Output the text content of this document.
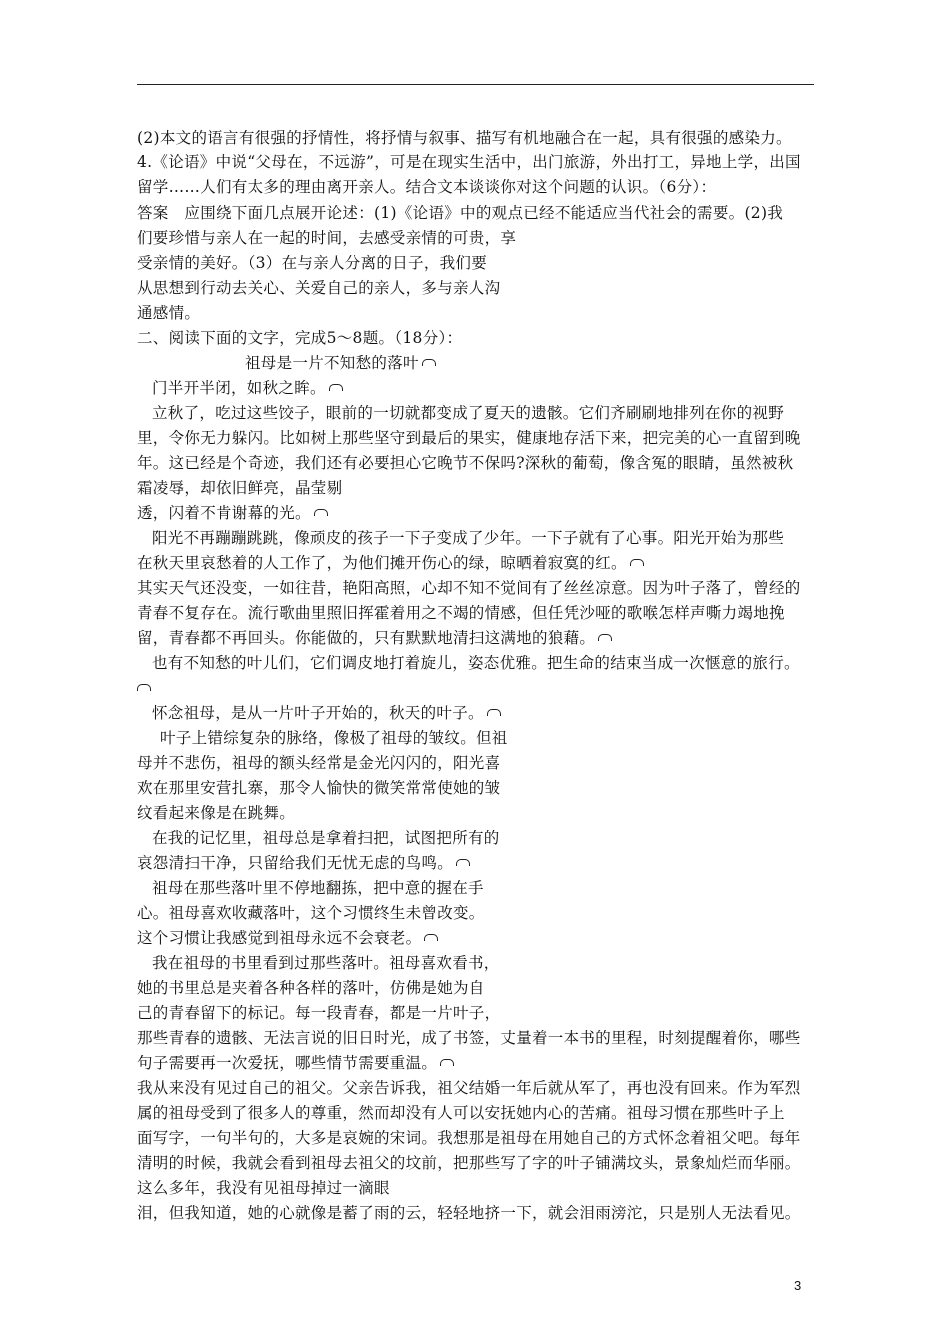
(2)本文的语言有很强的抒情性，将抒情与叙事、描写有机地融合在一起，具有很强的感染力。
4.《论语》中说“父母在，不远游”，可是在现实生活中，出门旅游，外出打工，异地上学，出国
留学……人们有太多的理由离开亲人。结合文本谈谈你对这个问题的认识。（6分）：
答案　应围绕下面几点展开论述：(1)《论语》中的观点已经不能适应当代社会的需要。(2)我
们要珍惜与亲人在一起的时间，去感受亲情的可贵，享
受亲情的美好。（3）在与亲人分离的日子，我们要
从思想到行动去关心、关爱自己的亲人，多与亲人沟
通感情。
二、阅读下面的文字，完成5～8题。（18分）：
祖母是一片不知愁的落叶
门半开半闭，如秋之眸。
立秋了，吃过这些饺子，眼前的一切就都变成了夏天的遗骸。它们齐刷刷地排列在你的视野
里，令你无力躲闪。比如树上那些坚守到最后的果实，健康地存活下来，把完美的心一直留到晚
年。这已经是个奇迹，我们还有必要担心它晚节不保吗?深秋的葡萄，像含冤的眼睛，虽然被秋
霜凌辱，却依旧鲜亮，晶莹剔
透，闪着不肯谢幕的光。
阳光不再蹦蹦跳跳，像顽皮的孩子一下子变成了少年。一下子就有了心事。阳光开始为那些
在秋天里哀愁着的人工作了，为他们摊开伤心的绿，晾晒着寂寞的红。
其实天气还没变，一如往昔，艳阳高照，心却不知不觉间有了丝丝凉意。因为叶子落了，曾经的
青春不复存在。流行歌曲里照旧挥霍着用之不竭的情感，但任凭沙哑的歌喉怎样声嘶力竭地挽
留，青春都不再回头。你能做的，只有默默地清扫这满地的狼藉。
也有不知愁的叶儿们，它们调皮地打着旋儿，姿态优雅。把生命的结束当成一次惬意的旅行。
怀念祖母，是从一片叶子开始的，秋天的叶子。
叶子上错综复杂的脉络，像极了祖母的皱纹。但祖
母并不悲伤，祖母的额头经常是金光闪闪的，阳光喜
欢在那里安营扎寨，那令人愉快的微笑常常使她的皱
纹看起来像是在跳舞。
在我的记忆里，祖母总是拿着扫把，试图把所有的
哀怨清扫干净，只留给我们无忧无虑的鸟鸣。
祖母在那些落叶里不停地翻拣，把中意的握在手
心。祖母喜欢收藏落叶，这个习惯终生未曾改变。
这个习惯让我感觉到祖母永远不会衰老。
我在祖母的书里看到过那些落叶。祖母喜欢看书，
她的书里总是夹着各种各样的落叶，仿佛是她为自
己的青春留下的标记。每一段青春，都是一片叶子，
那些青春的遗骸、无法言说的旧日时光，成了书签，丈量着一本书的里程，时刻提醒着你，哪些
句子需要再一次爱抚，哪些情节需要重温。
我从来没有见过自己的祖父。父亲告诉我，祖父结婚一年后就从军了，再也没有回来。作为军烈
属的祖母受到了很多人的尊重，然而却没有人可以安抚她内心的苦痛。祖母习惯在那些叶子上
面写字，一句半句的，大多是哀婉的宋词。我想那是祖母在用她自己的方式怀念着祖父吧。每年
清明的时候，我就会看到祖母去祖父的坟前，把那些写了字的叶子铺满坟头，景象灿烂而华丽。
这么多年，我没有见祖母掉过一滴眼
泪，但我知道，她的心就像是蓄了雨的云，轻轻地挤一下，就会泪雨滂沱，只是别人无法看见。
3
